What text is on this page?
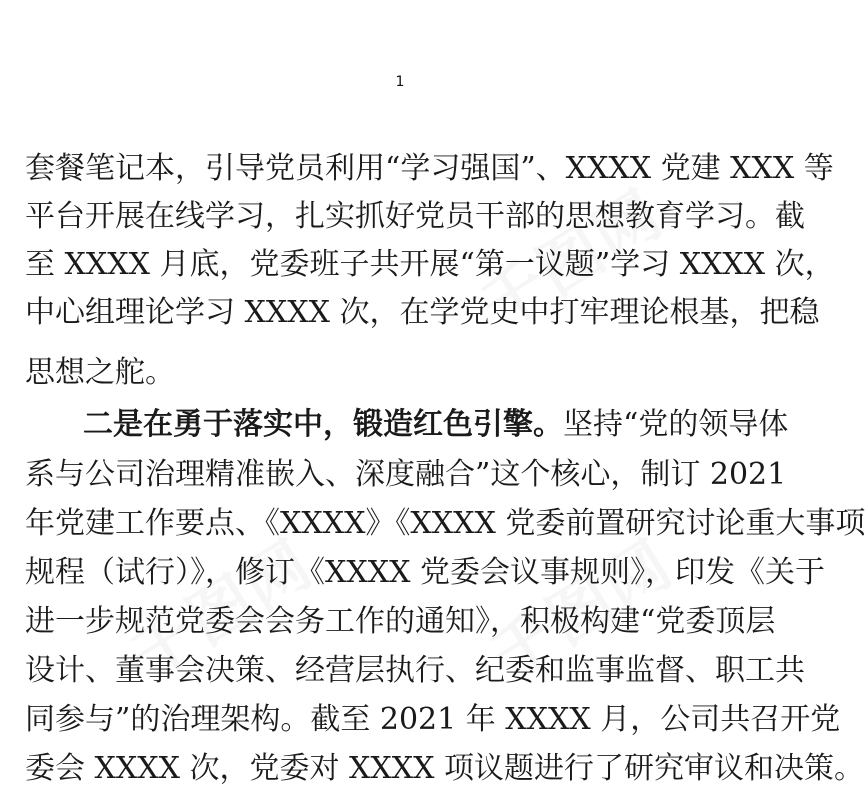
1
套餐笔记本，引导党员利用“学习强国”、XXXX 党建 XXX 等
平台开展在线学习，扎实抓好党员干部的思想教育学习。截
至 XXXX 月底，党委班子共开展“第一议题”学习 XXXX 次，
中心组理论学习 XXXX 次，在学党史中打牢理论根基，把稳
思想之舵。
二是在勇于落实中，锻造红色引擎。坚持“党的领导体
系与公司治理精准嵌入、深度融合”这个核心，制订 2021
年党建工作要点、《XXXX》《XXXX 党委前置研究讨论重大事项
规程（试行）》，修订《XXXX 党委会议事规则》，印发《关于
进一步规范党委会会务工作的通知》，积极构建“党委顶层
设计、董事会决策、经营层执行、纪委和监事监督、职工共
同参与”的治理架构。截至 2021 年 XXXX 月，公司共召开党
委会 XXXX 次，党委对 XXXX 项议题进行了研究审议和决策。
